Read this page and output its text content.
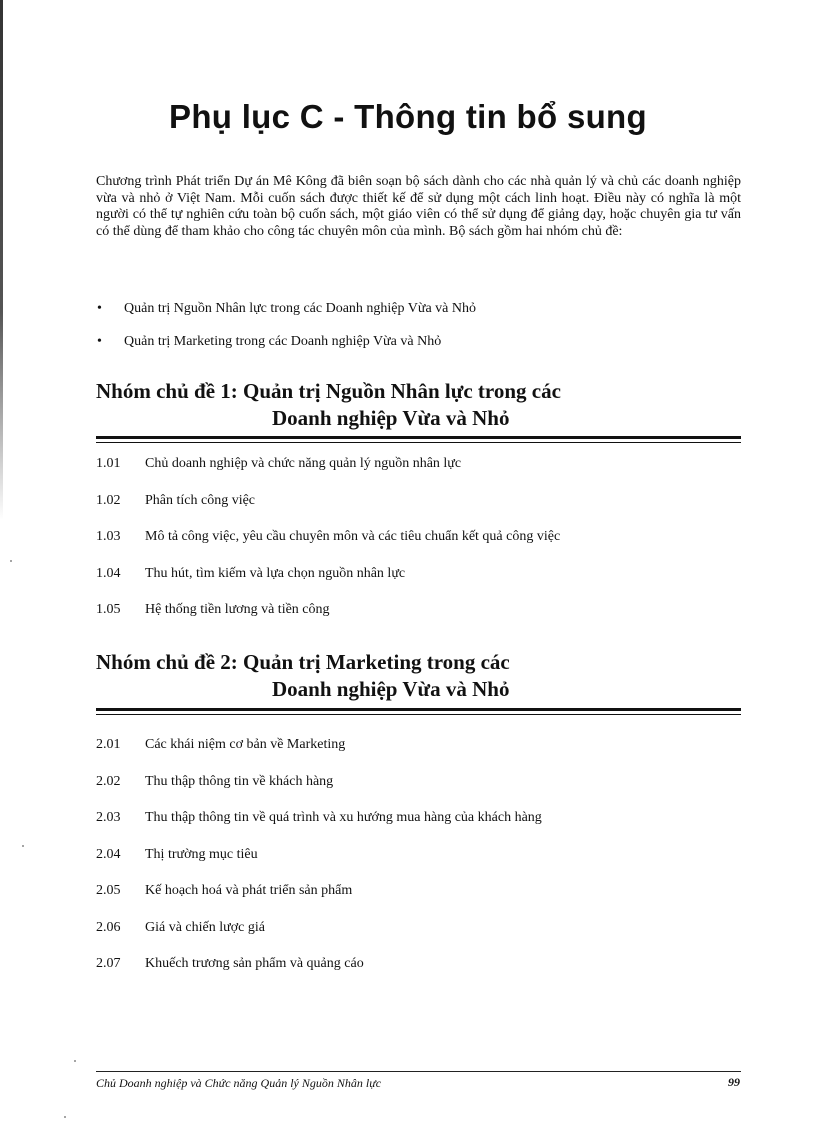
Phụ lục C - Thông tin bổ sung

Chương trình Phát triển Dự án Mê Kông đã biên soạn bộ sách dành cho các nhà quản lý và chủ các doanh nghiệp vừa và nhỏ ở Việt Nam. Mỗi cuốn sách được thiết kế để sử dụng một cách linh hoạt. Điều này có nghĩa là một người có thể tự nghiên cứu toàn bộ cuốn sách, một giáo viên có thể sử dụng để giảng dạy, hoặc chuyên gia tư vấn có thể dùng để tham khảo cho công tác chuyên môn của mình. Bộ sách gồm hai nhóm chủ đề:

• Quản trị Nguồn Nhân lực trong các Doanh nghiệp Vừa và Nhỏ
• Quản trị Marketing trong các Doanh nghiệp Vừa và Nhỏ
Nhóm chủ đề 1: Quản trị Nguồn Nhân lực trong các
Doanh nghiệp Vừa và Nhỏ
1.01 Chủ doanh nghiệp và chức năng quản lý nguồn nhân lực
1.02 Phân tích công việc
1.03 Mô tả công việc, yêu cầu chuyên môn và các tiêu chuẩn kết quả công việc
1.04 Thu hút, tìm kiếm và lựa chọn nguồn nhân lực
1.05 Hệ thống tiền lương và tiền công
Nhóm chủ đề 2: Quản trị Marketing trong các
Doanh nghiệp Vừa và Nhỏ
2.01 Các khái niệm cơ bản về Marketing
2.02 Thu thập thông tin về khách hàng
2.03 Thu thập thông tin về quá trình và xu hướng mua hàng của khách hàng
2.04 Thị trường mục tiêu
2.05 Kế hoạch hoá và phát triển sản phẩm
2.06 Giá và chiến lược giá
2.07 Khuếch trương sản phẩm và quảng cáo
Chủ Doanh nghiệp và Chức năng Quản lý Nguồn Nhân lực	99
